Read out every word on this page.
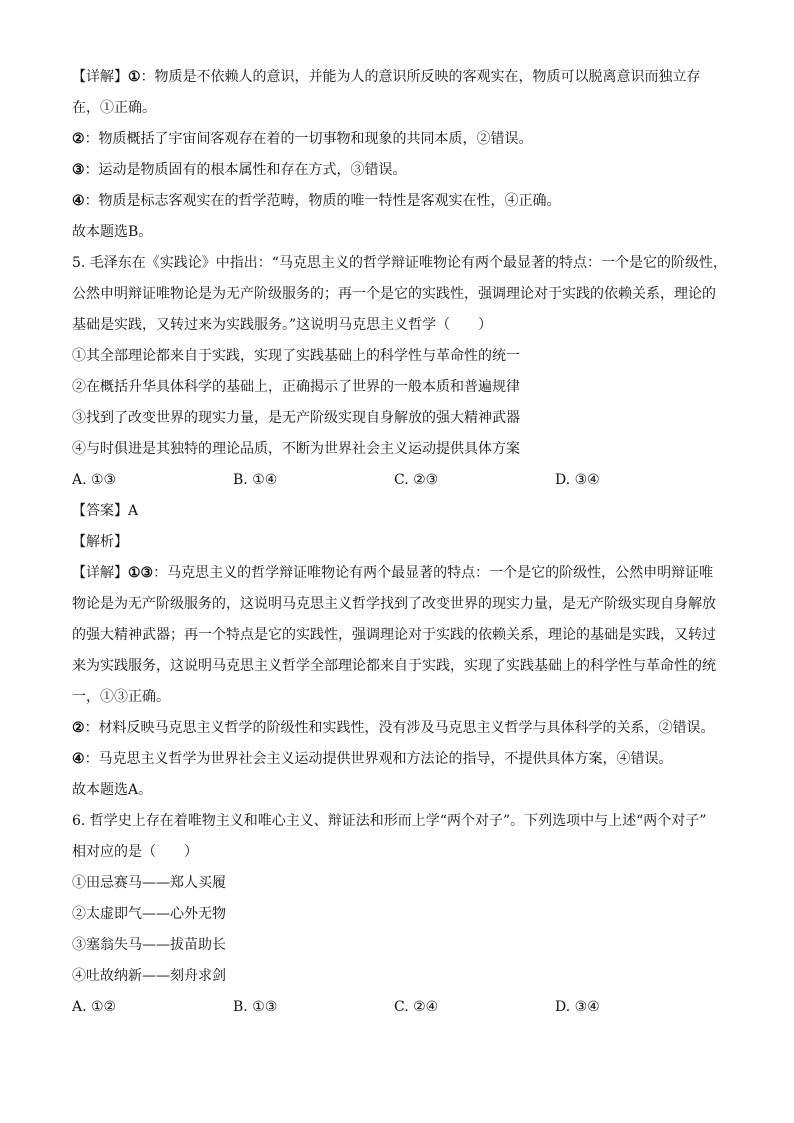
【详解】①：物质是不依赖人的意识，并能为人的意识所反映的客观实在，物质可以脱离意识而独立存
在，①正确。
②：物质概括了宇宙间客观存在着的一切事物和现象的共同本质，②错误。
③：运动是物质固有的根本属性和存在方式，③错误。
④：物质是标志客观实在的哲学范畴，物质的唯一特性是客观实在性，④正确。
故本题选B。
5. 毛泽东在《实践论》中指出：“马克思主义的哲学辩证唯物论有两个最显著的特点：一个是它的阶级性，
公然申明辩证唯物论是为无产阶级服务的；再一个是它的实践性，强调理论对于实践的依赖关系，理论的
基础是实践，又转过来为实践服务。”这说明马克思主义哲学（　　）
①其全部理论都来自于实践，实现了实践基础上的科学性与革命性的统一
②在概括升华具体科学的基础上，正确揭示了世界的一般本质和普遍规律
③找到了改变世界的现实力量，是无产阶级实现自身解放的强大精神武器
④与时俱进是其独特的理论品质，不断为世界社会主义运动提供具体方案
A. ①③	B. ①④	C. ②③	D. ③④
【答案】A
【解析】
【详解】①③：马克思主义的哲学辩证唯物论有两个最显著的特点：一个是它的阶级性，公然申明辩证唯
物论是为无产阶级服务的，这说明马克思主义哲学找到了改变世界的现实力量，是无产阶级实现自身解放
的强大精神武器；再一个特点是它的实践性，强调理论对于实践的依赖关系，理论的基础是实践，又转过
来为实践服务，这说明马克思主义哲学全部理论都来自于实践，实现了实践基础上的科学性与革命性的统
一，①③正确。
②：材料反映马克思主义哲学的阶级性和实践性，没有涉及马克思主义哲学与具体科学的关系，②错误。
④：马克思主义哲学为世界社会主义运动提供世界观和方法论的指导，不提供具体方案，④错误。
故本题选A。
6. 哲学史上存在着唯物主义和唯心主义、辩证法和形而上学“两个对子”。下列选项中与上述“两个对子”
相对应的是（　　）
①田忌赛马——郑人买履
②太虚即气——心外无物
③塞翁失马——拔苗助长
④吐故纳新——刻舟求剑
A. ①②	B. ①③	C. ②④	D. ③④
